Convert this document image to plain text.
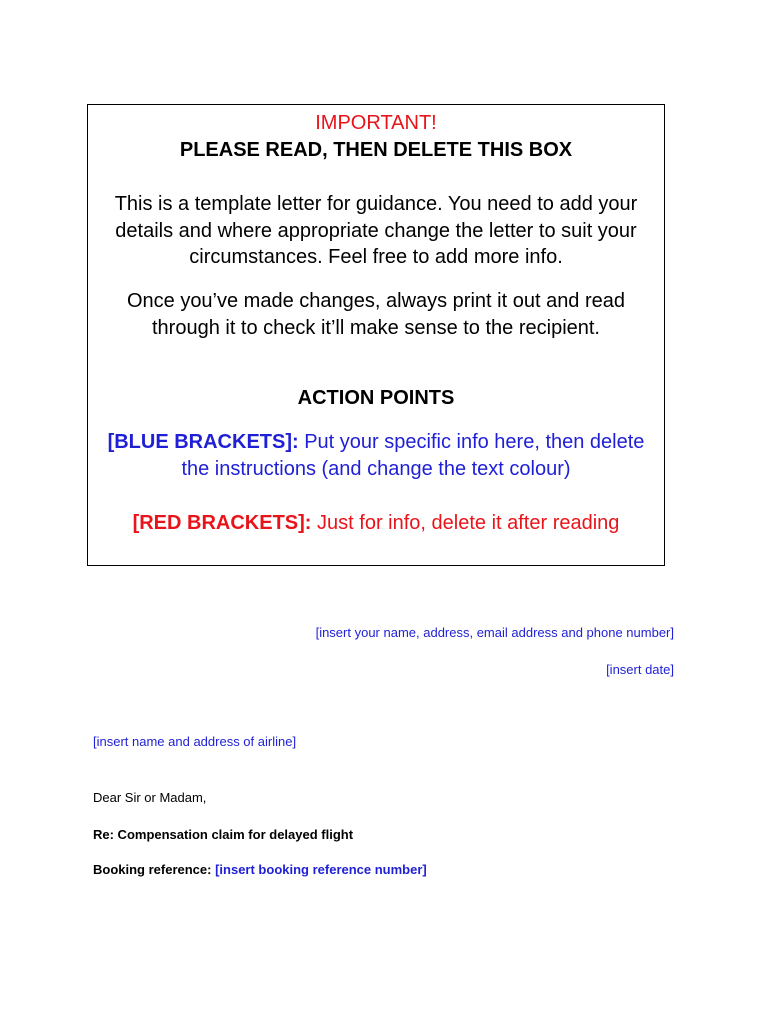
IMPORTANT!
PLEASE READ, THEN DELETE THIS BOX
This is a template letter for guidance. You need to add your details and where appropriate change the letter to suit your circumstances. Feel free to add more info.
Once you’ve made changes, always print it out and read through it to check it’ll make sense to the recipient.
ACTION POINTS
[BLUE BRACKETS]: Put your specific info here, then delete the instructions (and change the text colour)
[RED BRACKETS]: Just for info, delete it after reading
[insert your name, address, email address and phone number]
[insert date]
[insert name and address of airline]
Dear Sir or Madam,
Re: Compensation claim for delayed flight
Booking reference: [insert booking reference number]
